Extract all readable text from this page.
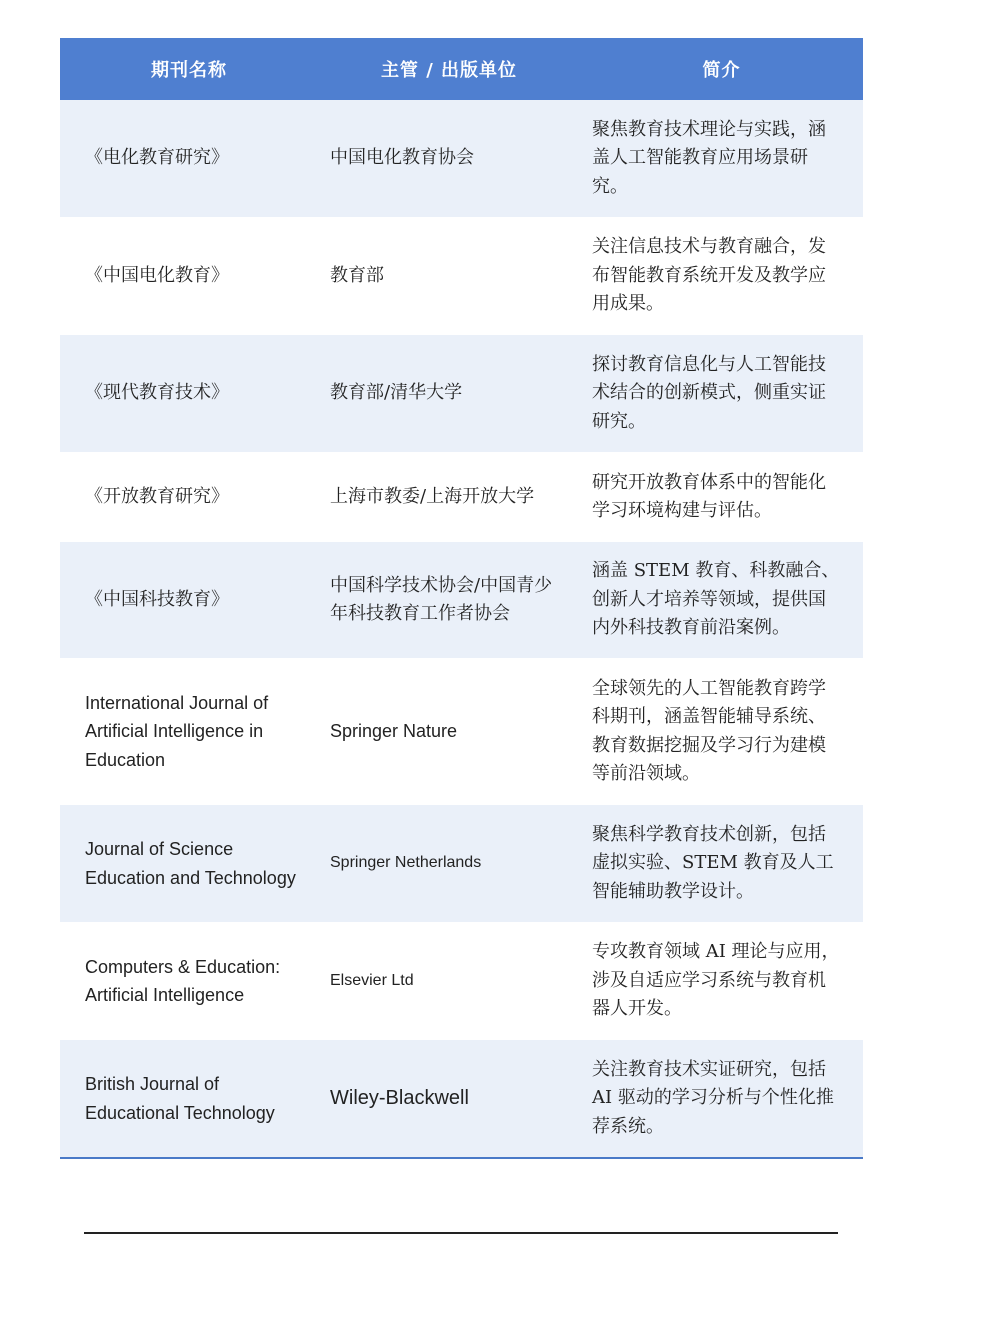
期刊名称	主管 / 出版单位	简介
《电化教育研究》	中国电化教育协会	聚焦教育技术理论与实践，涵盖人工智能教育应用场景研究。
《中国电化教育》	教育部	关注信息技术与教育融合，发布智能教育系统开发及教学应用成果。
《现代教育技术》	教育部/清华大学	探讨教育信息化与人工智能技术结合的创新模式，侧重实证研究。
《开放教育研究》	上海市教委/上海开放大学	研究开放教育体系中的智能化学习环境构建与评估。
《中国科技教育》	中国科学技术协会/中国青少年科技教育工作者协会	涵盖 STEM 教育、科教融合、创新人才培养等领域，提供国内外科技教育前沿案例。
International Journal of Artificial Intelligence in Education	Springer Nature	全球领先的人工智能教育跨学科期刊，涵盖智能辅导系统、教育数据挖掘及学习行为建模等前沿领域。
Journal of Science Education and Technology	Springer Netherlands	聚焦科学教育技术创新，包括虚拟实验、STEM 教育及人工智能辅助教学设计。
Computers & Education: Artificial Intelligence	Elsevier Ltd	专攻教育领域 AI 理论与应用，涉及自适应学习系统与教育机器人开发。
British Journal of Educational Technology	Wiley-Blackwell	关注教育技术实证研究，包括 AI 驱动的学习分析与个性化推荐系统。
